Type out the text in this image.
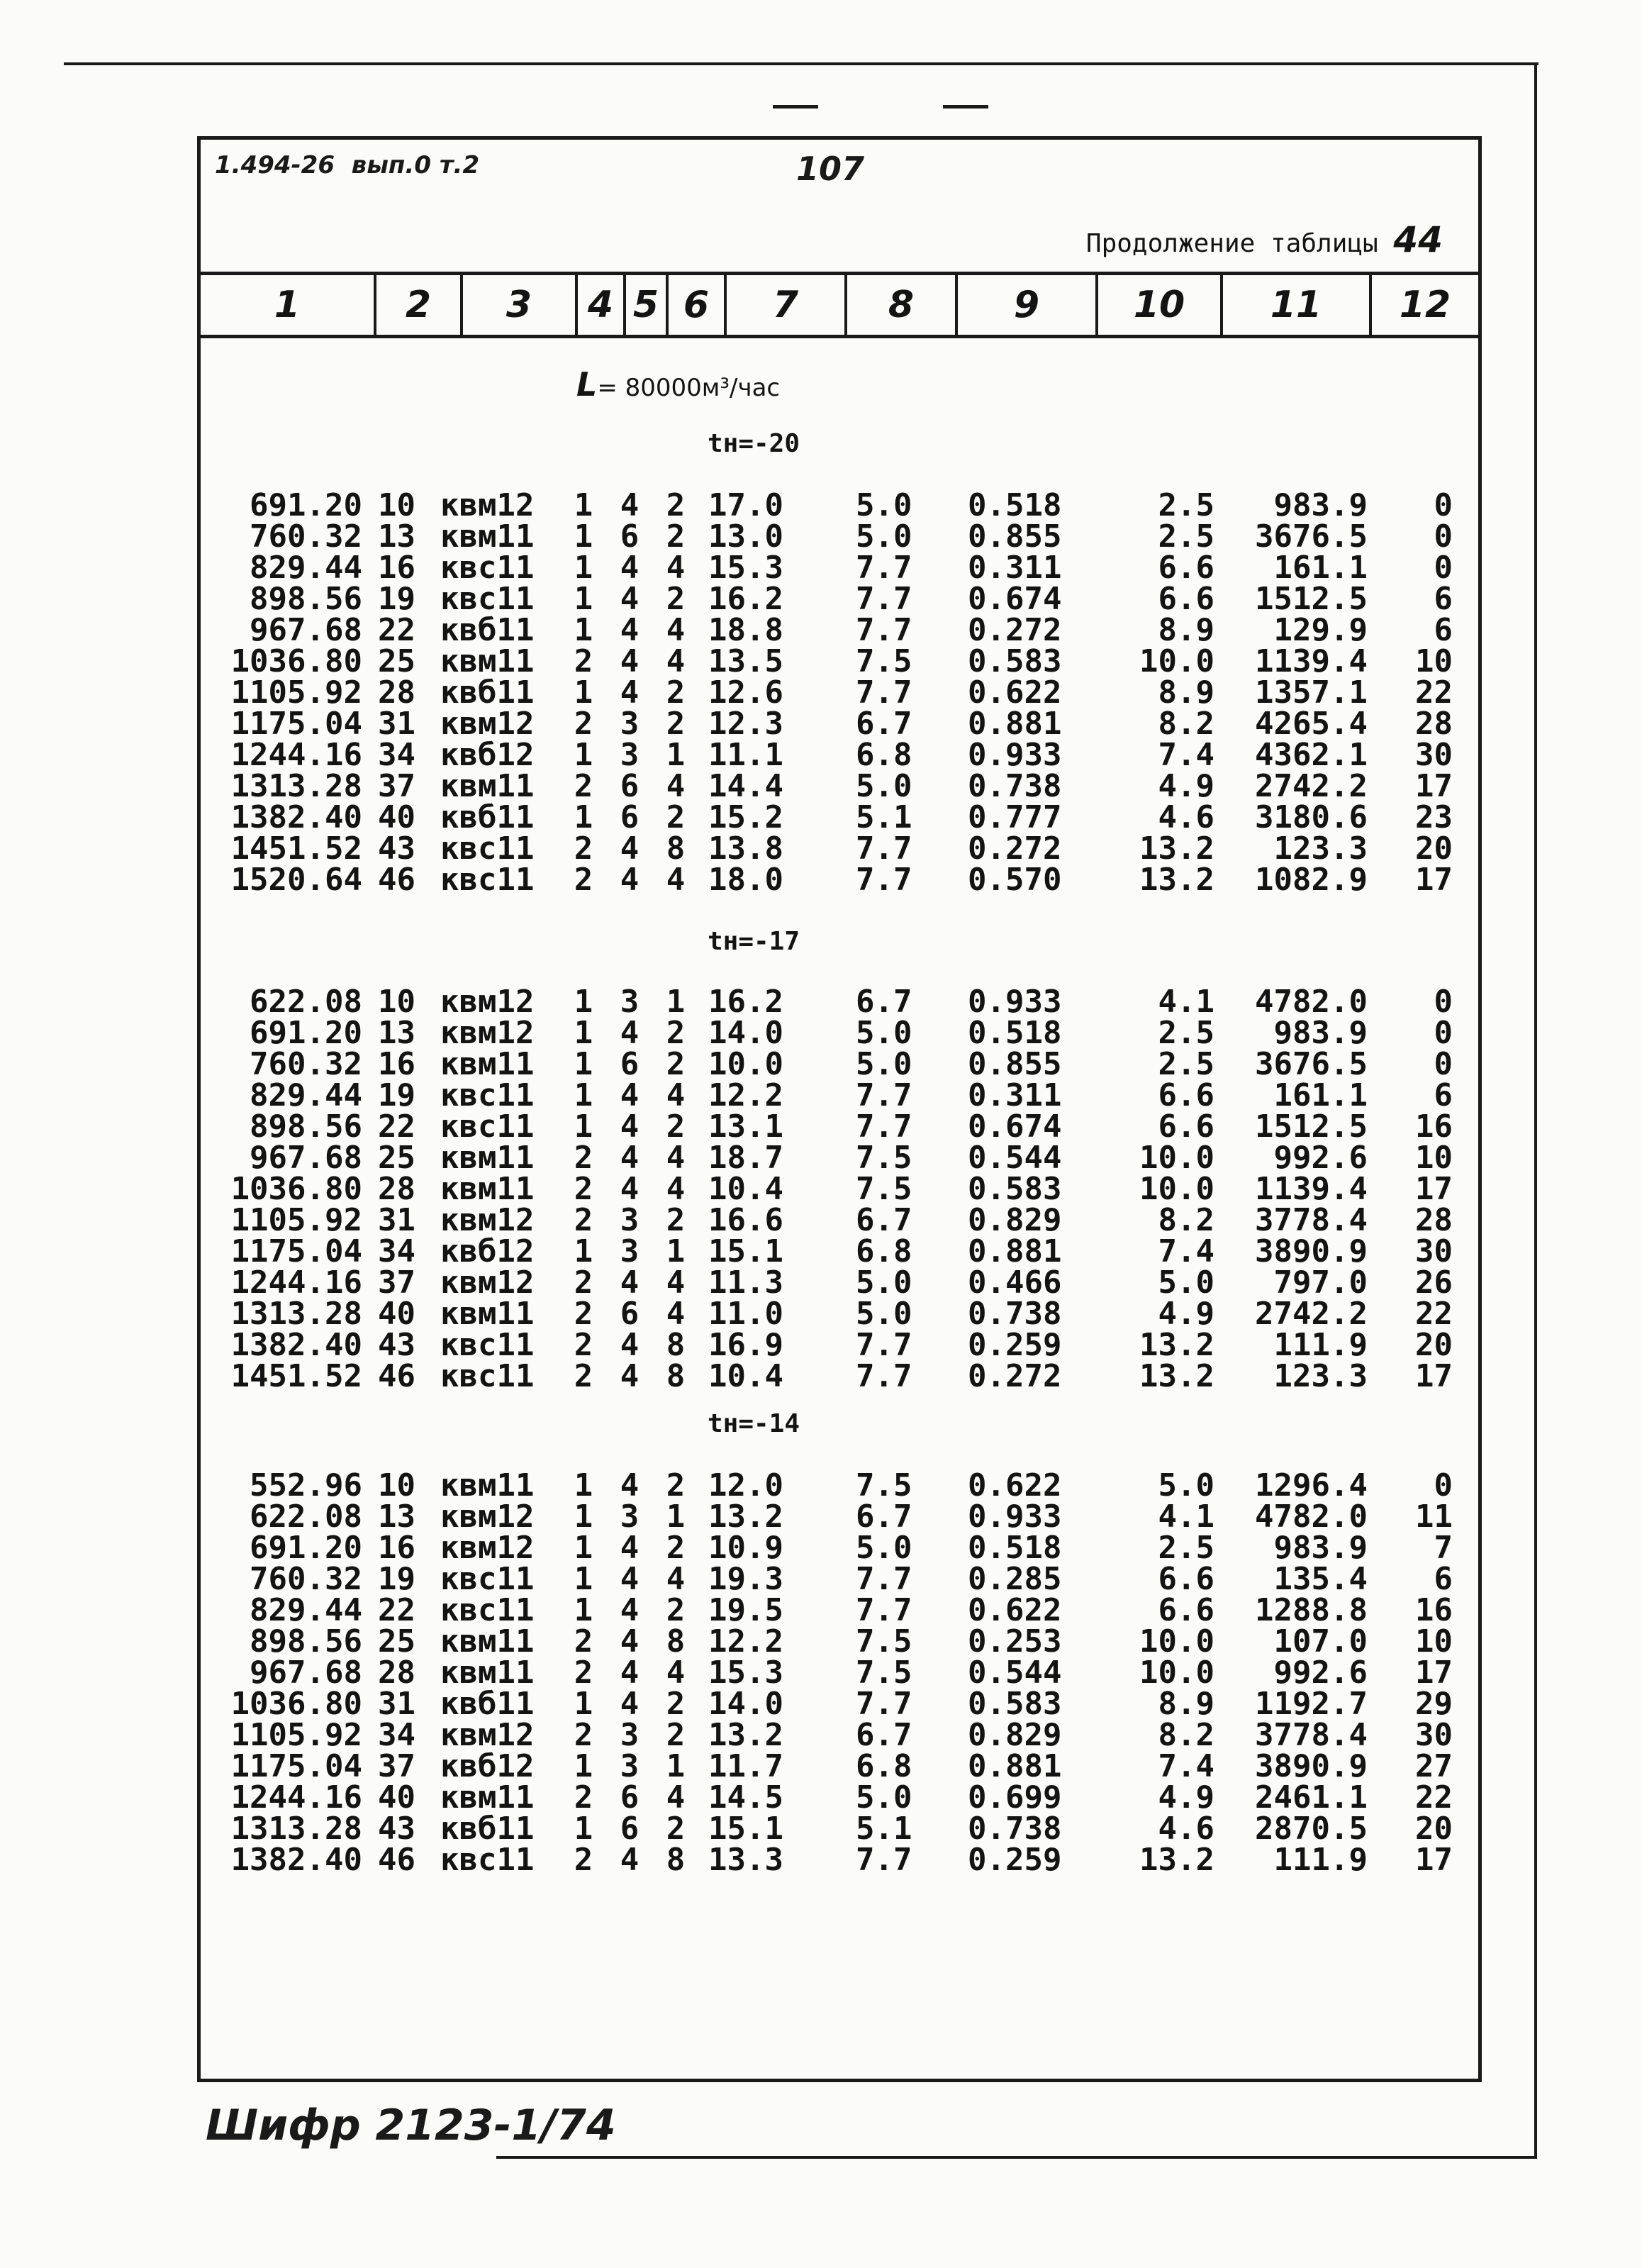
1.494-26 вып.0 т.2	107
Продолжение таблицы 44
1	2	3	4 5 6	7	8	9	10	11	12
L= 80000м³/час
tн=-20
691.20	10	квм12	1	4	2	17.0	5.0	0.518	2.5	983.9	0
760.32	13	квм11	1	6	2	13.0	5.0	0.855	2.5	3676.5	0
829.44	16	квс11	1	4	4	15.3	7.7	0.311	6.6	161.1	0
898.56	19	квс11	1	4	2	16.2	7.7	0.674	6.6	1512.5	6
967.68	22	квб11	1	4	4	18.8	7.7	0.272	8.9	129.9	6
1036.80	25	квм11	2	4	4	13.5	7.5	0.583	10.0	1139.4	10
1105.92	28	квб11	1	4	2	12.6	7.7	0.622	8.9	1357.1	22
1175.04	31	квм12	2	3	2	12.3	6.7	0.881	8.2	4265.4	28
1244.16	34	квб12	1	3	1	11.1	6.8	0.933	7.4	4362.1	30
1313.28	37	квм11	2	6	4	14.4	5.0	0.738	4.9	2742.2	17
1382.40	40	квб11	1	6	2	15.2	5.1	0.777	4.6	3180.6	23
1451.52	43	квс11	2	4	8	13.8	7.7	0.272	13.2	123.3	20
1520.64	46	квс11	2	4	4	18.0	7.7	0.570	13.2	1082.9	17
tн=-17
622.08	10	квм12	1	3	1	16.2	6.7	0.933	4.1	4782.0	0
691.20	13	квм12	1	4	2	14.0	5.0	0.518	2.5	983.9	0
760.32	16	квм11	1	6	2	10.0	5.0	0.855	2.5	3676.5	0
829.44	19	квс11	1	4	4	12.2	7.7	0.311	6.6	161.1	6
898.56	22	квс11	1	4	2	13.1	7.7	0.674	6.6	1512.5	16
967.68	25	квм11	2	4	4	18.7	7.5	0.544	10.0	992.6	10
1036.80	28	квм11	2	4	4	10.4	7.5	0.583	10.0	1139.4	17
1105.92	31	квм12	2	3	2	16.6	6.7	0.829	8.2	3778.4	28
1175.04	34	квб12	1	3	1	15.1	6.8	0.881	7.4	3890.9	30
1244.16	37	квм12	2	4	4	11.3	5.0	0.466	5.0	797.0	26
1313.28	40	квм11	2	6	4	11.0	5.0	0.738	4.9	2742.2	22
1382.40	43	квс11	2	4	8	16.9	7.7	0.259	13.2	111.9	20
1451.52	46	квс11	2	4	8	10.4	7.7	0.272	13.2	123.3	17
tн=-14
552.96	10	квм11	1	4	2	12.0	7.5	0.622	5.0	1296.4	0
622.08	13	квм12	1	3	1	13.2	6.7	0.933	4.1	4782.0	11
691.20	16	квм12	1	4	2	10.9	5.0	0.518	2.5	983.9	7
760.32	19	квс11	1	4	4	19.3	7.7	0.285	6.6	135.4	6
829.44	22	квс11	1	4	2	19.5	7.7	0.622	6.6	1288.8	16
898.56	25	квм11	2	4	8	12.2	7.5	0.253	10.0	107.0	10
967.68	28	квм11	2	4	4	15.3	7.5	0.544	10.0	992.6	17
1036.80	31	квб11	1	4	2	14.0	7.7	0.583	8.9	1192.7	29
1105.92	34	квм12	2	3	2	13.2	6.7	0.829	8.2	3778.4	30
1175.04	37	квб12	1	3	1	11.7	6.8	0.881	7.4	3890.9	27
1244.16	40	квм11	2	6	4	14.5	5.0	0.699	4.9	2461.1	22
1313.28	43	квб11	1	6	2	15.1	5.1	0.738	4.6	2870.5	20
1382.40	46	квс11	2	4	8	13.3	7.7	0.259	13.2	111.9	17
Шифр 2123-1/74
